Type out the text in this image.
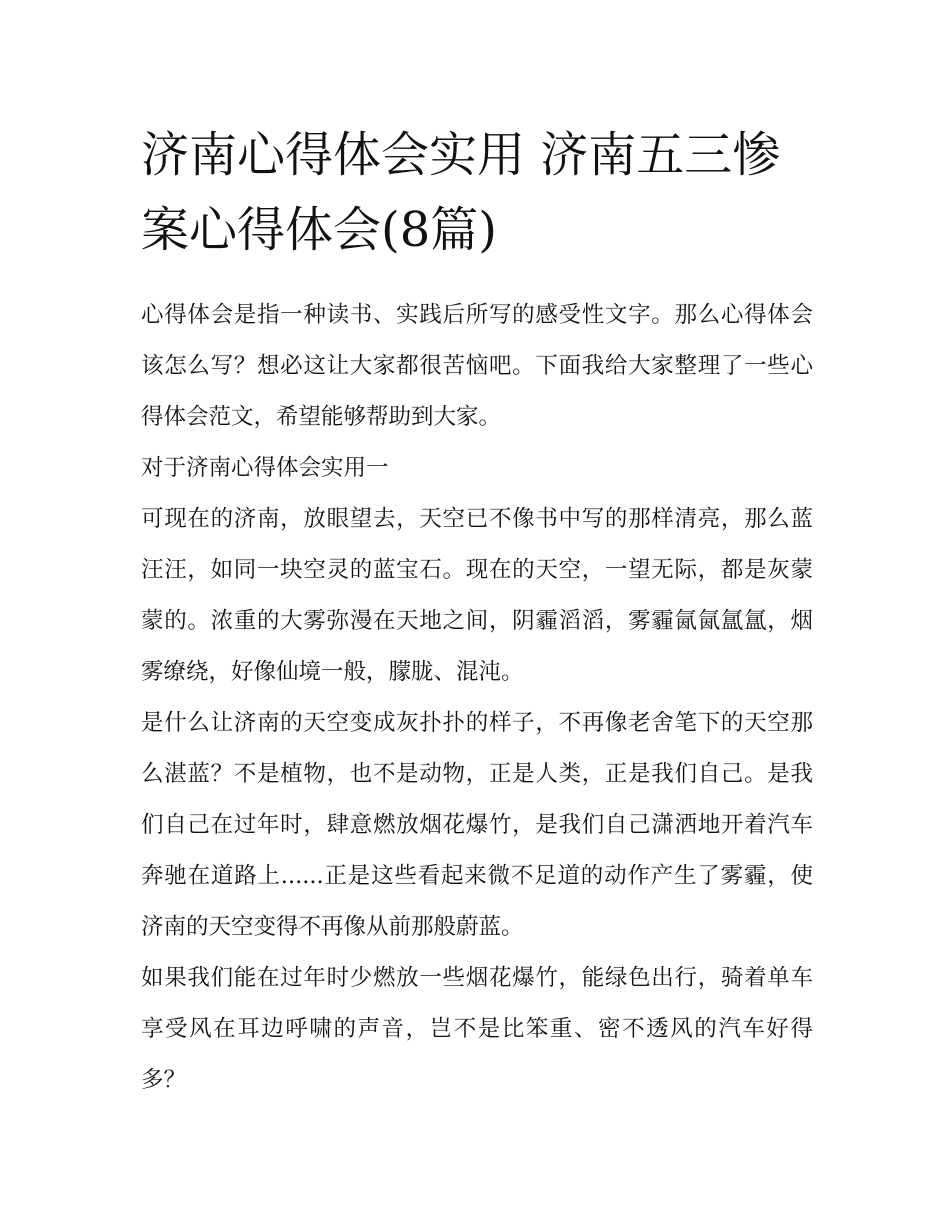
济南心得体会实用 济南五三惨案心得体会(8篇)

心得体会是指一种读书、实践后所写的感受性文字。那么心得体会该怎么写？想必这让大家都很苦恼吧。下面我给大家整理了一些心得体会范文，希望能够帮助到大家。

对于济南心得体会实用一

可现在的济南，放眼望去，天空已不像书中写的那样清亮，那么蓝汪汪，如同一块空灵的蓝宝石。现在的天空，一望无际，都是灰蒙蒙的。浓重的大雾弥漫在天地之间，阴霾滔滔，雾霾氤氤氲氲，烟雾缭绕，好像仙境一般，朦胧、混沌。

是什么让济南的天空变成灰扑扑的样子，不再像老舍笔下的天空那么湛蓝？不是植物，也不是动物，正是人类，正是我们自己。是我们自己在过年时，肆意燃放烟花爆竹，是我们自己潇洒地开着汽车奔驰在道路上......正是这些看起来微不足道的动作产生了雾霾，使济南的天空变得不再像从前那般蔚蓝。

如果我们能在过年时少燃放一些烟花爆竹，能绿色出行，骑着单车享受风在耳边呼啸的声音，岂不是比笨重、密不透风的汽车好得多？
